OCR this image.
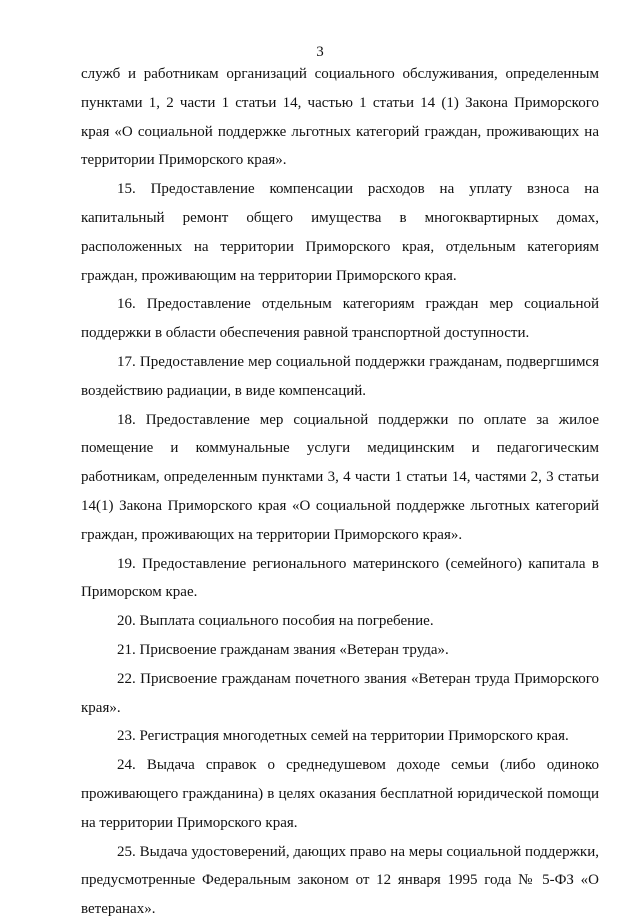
3

служб и работникам организаций социального обслуживания, определенным пунктами 1, 2 части 1 статьи 14, частью 1 статьи 14 (1) Закона Приморского края «О социальной поддержке льготных категорий граждан, проживающих на территории Приморского края».

15. Предоставление компенсации расходов на уплату взноса на капитальный ремонт общего имущества в многоквартирных домах, расположенных на территории Приморского края, отдельным категориям граждан, проживающим на территории Приморского края.

16. Предоставление отдельным категориям граждан мер социальной поддержки в области обеспечения равной транспортной доступности.

17. Предоставление мер социальной поддержки гражданам, подвергшимся воздействию радиации, в виде компенсаций.

18. Предоставление мер социальной поддержки по оплате за жилое помещение и коммунальные услуги медицинским и педагогическим работникам, определенным пунктами 3, 4 части 1 статьи 14, частями 2, 3 статьи 14(1) Закона Приморского края «О социальной поддержке льготных категорий граждан, проживающих на территории Приморского края».

19. Предоставление регионального материнского (семейного) капитала в Приморском крае.

20. Выплата социального пособия на погребение.

21. Присвоение гражданам звания «Ветеран труда».

22. Присвоение гражданам почетного звания «Ветеран труда Приморского края».

23. Регистрация многодетных семей на территории Приморского края.

24. Выдача справок о среднедушевом доходе семьи (либо одиноко проживающего гражданина) в целях оказания бесплатной юридической помощи на территории Приморского края.

25. Выдача удостоверений, дающих право на меры социальной поддержки, предусмотренные Федеральным законом от 12 января 1995 года № 5-ФЗ «О ветеранах».
